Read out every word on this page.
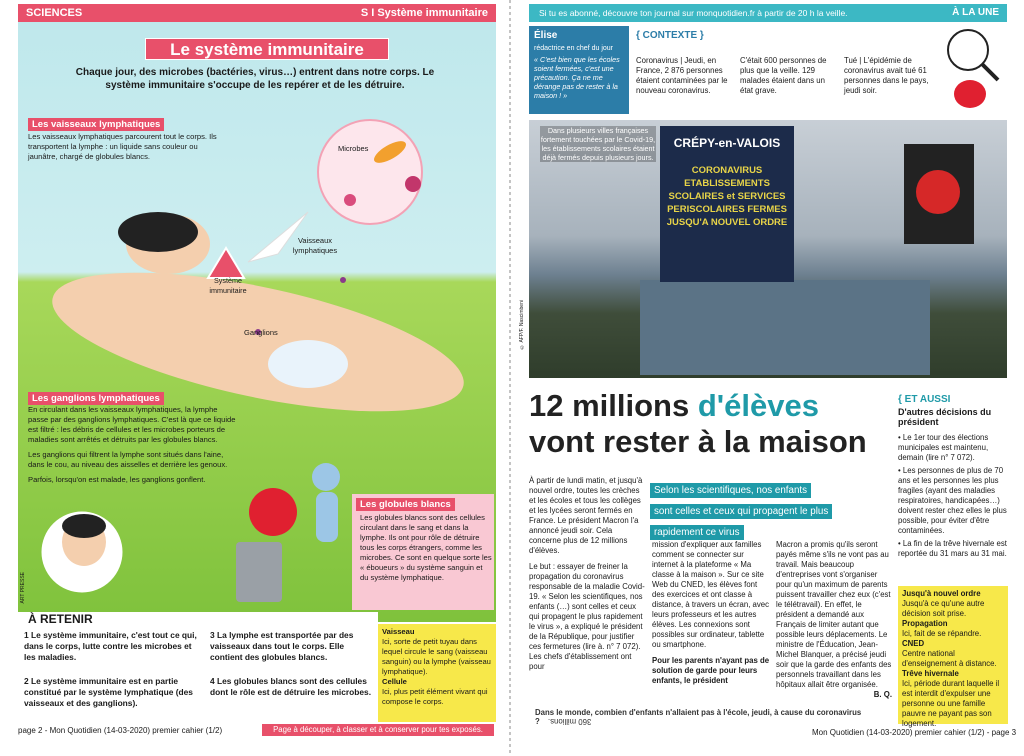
SCIENCES	S I Système immunitaire
Le système immunitaire
Chaque jour, des microbes (bactéries, virus…) entrent dans notre corps. Le système immunitaire s'occupe de les repérer et de les détruire.
Microbes
Vaisseaux lymphatiques
Système immunitaire
Ganglions
ART PRESSE
Les vaisseaux lymphatiques
Les vaisseaux lymphatiques parcourent tout le corps. Ils transportent la lymphe : un liquide sans couleur ou jaunâtre, chargé de globules blancs.
Les ganglions lymphatiques

En circulant dans les vaisseaux lymphatiques, la lymphe passe par des ganglions lymphatiques. C'est là que ce liquide est filtré : les débris de cellules et les microbes porteurs de maladies sont arrêtés et détruits par les globules blancs.

Les ganglions qui filtrent la lymphe sont situés dans l'aine, dans le cou, au niveau des aisselles et derrière les genoux.

Parfois, lorsqu'on est malade, les ganglions gonflent.

Les globules blancs
Les globules blancs sont des cellules circulant dans le sang et dans la lymphe. Ils ont pour rôle de détruire tous les corps étrangers, comme les microbes. Ce sont en quelque sorte les « éboueurs » du système sanguin et du système lymphatique.
À RETENIR
1 Le système immunitaire, c'est tout ce qui, dans le corps, lutte contre les microbes et les maladies.
2 Le système immunitaire est en partie constitué par le système lymphatique (des vaisseaux et des ganglions).
3 La lymphe est transportée par des vaisseaux dans tout le corps. Elle contient des globules blancs.
4 Les globules blancs sont des cellules dont le rôle est de détruire les microbes.
Vaisseau
Ici, sorte de petit tuyau dans lequel circule le sang (vaisseau sanguin) ou la lymphe (vaisseau lymphatique).
Cellule
Ici, plus petit élément vivant qui compose le corps.
page 2 - Mon Quotidien (14-03-2020) premier cahier (1/2)	Page à découper, à classer et à conserver pour tes exposés.
Si tu es abonné, découvre ton journal sur monquotidien.fr à partir de 20 h la veille.	À LA UNE
Élise
rédactrice en chef du jour
« C'est bien que les écoles soient fermées, c'est une précaution. Ça ne me dérange pas de rester à la maison ! »
{ CONTEXTE }
Coronavirus | Jeudi, en France, 2 876 personnes étaient contaminées par le nouveau coronavirus.
C'était 600 personnes de plus que la veille. 129 malades étaient dans un état grave.
Tué | L'épidémie de coronavirus avait tué 61 personnes dans le pays, jeudi soir.
CRÉPY-en-VALOIS
CORONAVIRUS ETABLISSEMENTS SCOLAIRES et SERVICES PERISCOLAIRES FERMES JUSQU'A NOUVEL ORDRE
Dans plusieurs villes françaises fortement touchées par le Covid-19, les établissements scolaires étaient déjà fermés depuis plusieurs jours.
© AFP/F. Nascimbeni
12 millions d'élèves
vont rester à la maison
Selon les scientifiques, nos enfants
sont celles et ceux qui propagent le plus
rapidement ce virus

À partir de lundi matin, et jusqu'à nouvel ordre, toutes les crèches et les écoles et tous les collèges et les lycées seront fermés en France. Le président Macron l'a annoncé jeudi soir. Cela concerne plus de 12 millions d'élèves.

Le but : essayer de freiner la propagation du coronavirus responsable de la maladie Covid-19. « Selon les scientifiques, nos enfants (…) sont celles et ceux qui propagent le plus rapidement le virus », a expliqué le président de la République, pour justifier ces fermetures (lire à. n° 7 072). Les chefs d'établissement ont pour

mission d'expliquer aux familles comment se connecter sur internet à la plateforme « Ma classe à la maison ». Sur ce site Web du CNED, les élèves font des exercices et ont classe à distance, à travers un écran, avec leurs professeurs et les autres élèves. Les connexions sont possibles sur ordinateur, tablette ou smartphone.

Pour les parents n'ayant pas de solution de garde pour leurs enfants, le président

Macron a promis qu'ils seront payés même s'ils ne vont pas au travail. Mais beaucoup d'entreprises vont s'organiser pour qu'un maximum de parents puissent travailler chez eux (c'est le télétravail). En effet, le président a demandé aux Français de limiter autant que possible leurs déplacements. Le ministre de l'Éducation, Jean-Michel Blanquer, a précisé jeudi soir que la garde des enfants des personnels travaillant dans les hôpitaux allait être organisée.

B. Q.

{ ET AUSSI
D'autres décisions du président

• Le 1er tour des élections municipales est maintenu, demain (lire n° 7 072).

• Les personnes de plus de 70 ans et les personnes les plus fragiles (ayant des maladies respiratoires, handicapées…) doivent rester chez elles le plus possible, pour éviter d'être contaminées.

• La fin de la trêve hivernale est reportée du 31 mars au 31 mai.

Jusqu'à nouvel ordre
Jusqu'à ce qu'une autre décision soit prise.
Propagation
Ici, fait de se répandre.
CNED
Centre national d'enseignement à distance.
Trêve hivernale
Ici, période durant laquelle il est interdit d'expulser une personne ou une famille pauvre ne payant pas son logement.
Dans le monde, combien d'enfants n'allaient pas à l'école, jeudi, à cause du coronavirus ? 360 millions.
Mon Quotidien (14-03-2020) premier cahier (1/2) - page 3
